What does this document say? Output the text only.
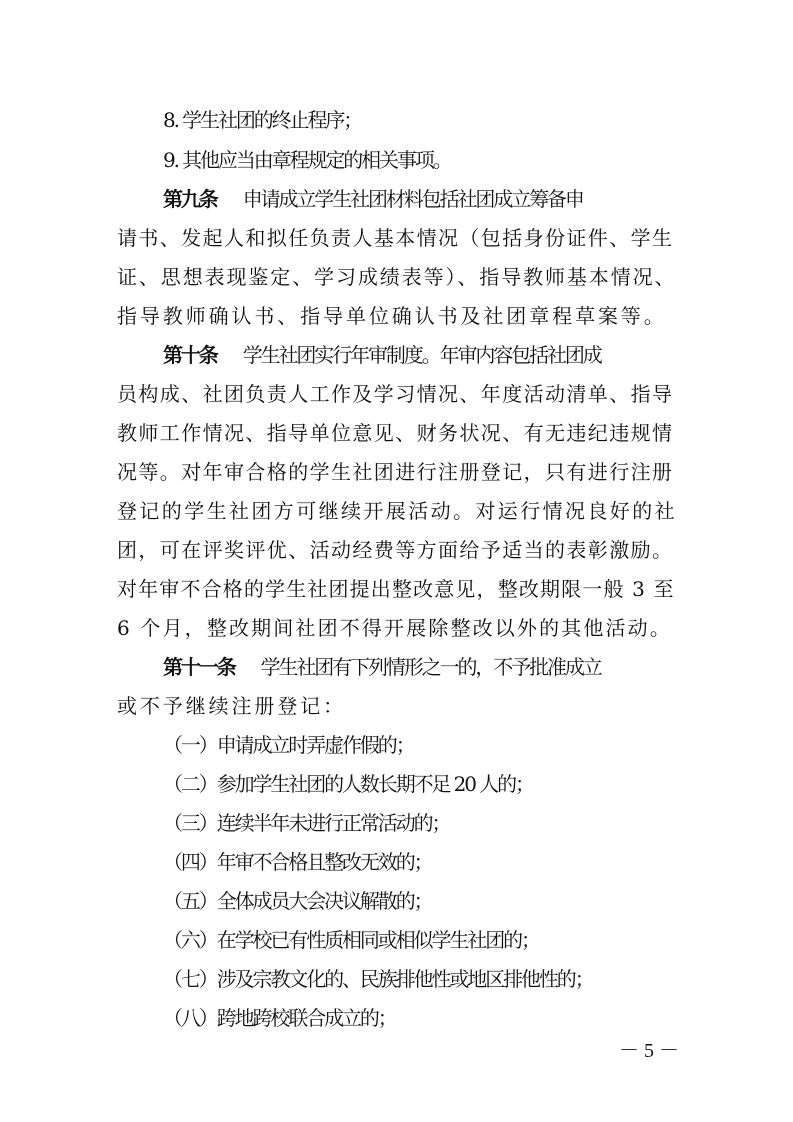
8. 学生社团的终止程序；
9. 其他应当由章程规定的相关事项。
第九条 申请成立学生社团材料包括社团成立筹备申
请书、发起人和拟任负责人基本情况（包括身份证件、学生
证、思想表现鉴定、学习成绩表等）、指导教师基本情况、
指导教师确认书、指导单位确认书及社团章程草案等。
第十条 学生社团实行年审制度。年审内容包括社团成
员构成、社团负责人工作及学习情况、年度活动清单、指导
教师工作情况、指导单位意见、财务状况、有无违纪违规情
况等。对年审合格的学生社团进行注册登记，只有进行注册
登记的学生社团方可继续开展活动。对运行情况良好的社
团，可在评奖评优、活动经费等方面给予适当的表彰激励。
对年审不合格的学生社团提出整改意见，整改期限一般 3 至
6 个月，整改期间社团不得开展除整改以外的其他活动。
第十一条 学生社团有下列情形之一的，不予批准成立
或不予继续注册登记：
（一）申请成立时弄虚作假的；
（二）参加学生社团的人数长期不足 20 人的；
（三）连续半年未进行正常活动的；
（四）年审不合格且整改无效的；
（五）全体成员大会决议解散的；
（六）在学校已有性质相同或相似学生社团的；
（七）涉及宗教文化的、民族排他性或地区排他性的；
（八）跨地跨校联合成立的；
－ 5 －
